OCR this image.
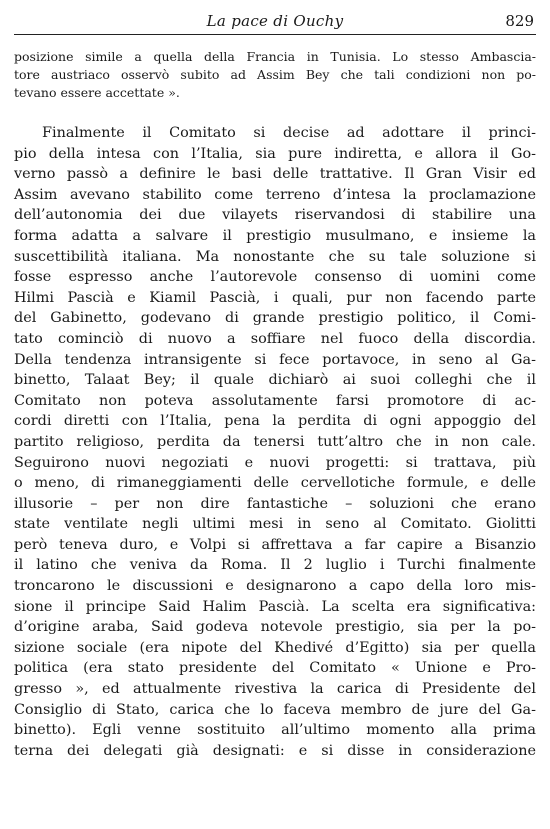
La pace di Ouchy	829
posizione simile a quella della Francia in Tunisia. Lo stesso Ambascia-
tore austriaco osservò subito ad Assim Bey che tali condizioni non po-
tevano essere accettate ».
Finalmente il Comitato si decise ad adottare il princi-
pio della intesa con l’Italia, sia pure indiretta, e allora il Go-
verno passò a definire le basi delle trattative. Il Gran Visir ed
Assim avevano stabilito come terreno d’intesa la proclamazione
dell’autonomia dei due vilayets riservandosi di stabilire una
forma adatta a salvare il prestigio musulmano, e insieme la
suscettibilità italiana. Ma nonostante che su tale soluzione si
fosse espresso anche l’autorevole consenso di uomini come
Hilmi Pascià e Kiamil Pascià, i quali, pur non facendo parte
del Gabinetto, godevano di grande prestigio politico, il Comi-
tato cominciò di nuovo a soffiare nel fuoco della discordia.
Della tendenza intransigente si fece portavoce, in seno al Ga-
binetto, Talaat Bey; il quale dichiarò ai suoi colleghi che il
Comitato non poteva assolutamente farsi promotore di ac-
cordi diretti con l’Italia, pena la perdita di ogni appoggio del
partito religioso, perdita da tenersi tutt’altro che in non cale.
Seguirono nuovi negoziati e nuovi progetti: si trattava, più
o meno, di rimaneggiamenti delle cervellotiche formule, e delle
illusorie – per non dire fantastiche – soluzioni che erano
state ventilate negli ultimi mesi in seno al Comitato. Giolitti
però teneva duro, e Volpi si affrettava a far capire a Bisanzio
il latino che veniva da Roma. Il 2 luglio i Turchi finalmente
troncarono le discussioni e designarono a capo della loro mis-
sione il principe Said Halim Pascià. La scelta era significativa:
d’origine araba, Said godeva notevole prestigio, sia per la po-
sizione sociale (era nipote del Khedivé d’Egitto) sia per quella
politica (era stato presidente del Comitato « Unione e Pro-
gresso », ed attualmente rivestiva la carica di Presidente del
Consiglio di Stato, carica che lo faceva membro de jure del Ga-
binetto). Egli venne sostituito all’ultimo momento alla prima
terna dei delegati già designati: e si disse in considerazione
